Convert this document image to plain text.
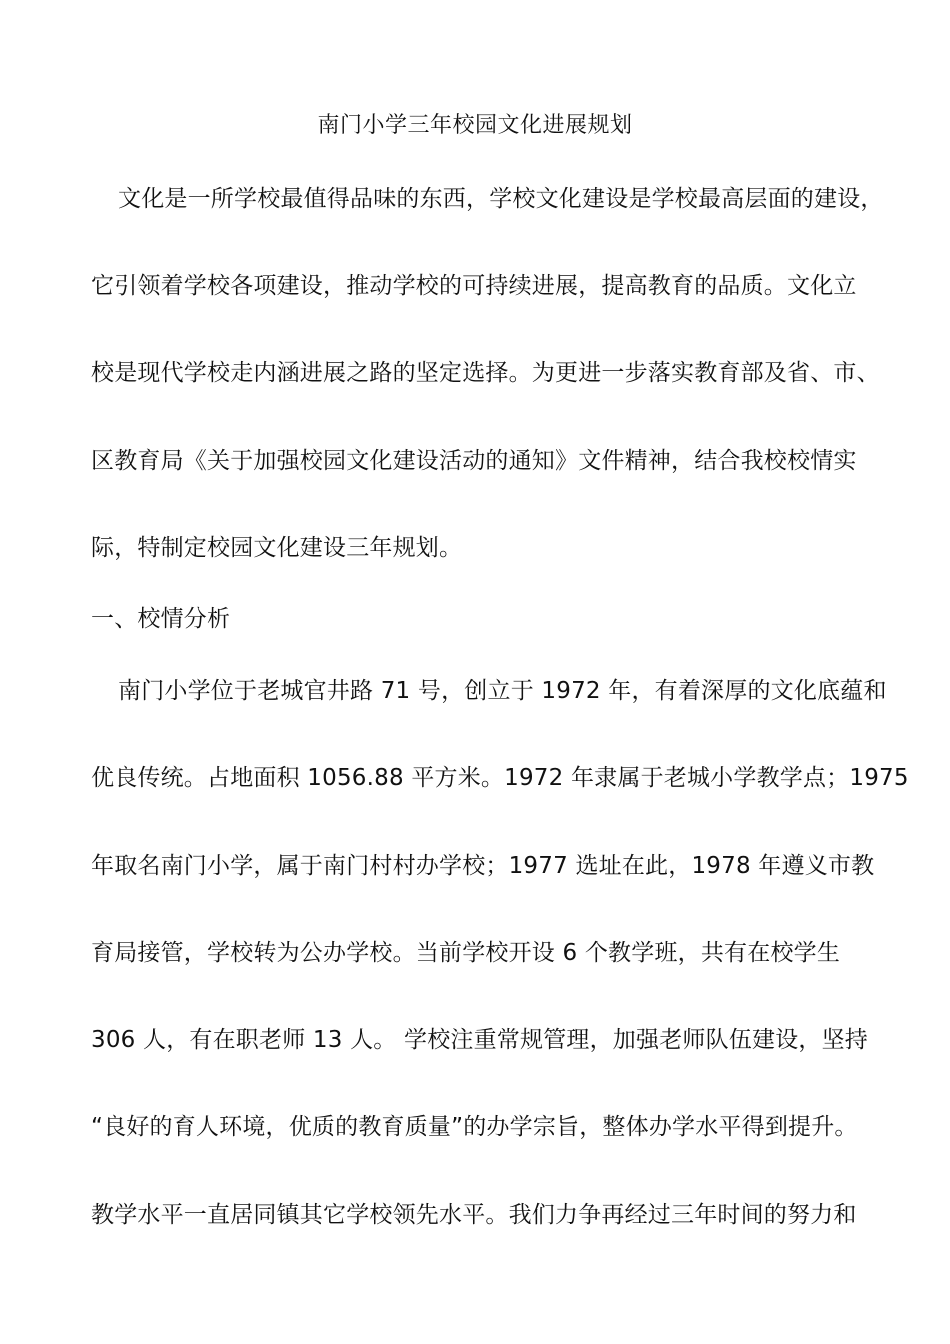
南门小学三年校园文化进展规划
文化是一所学校最值得品味的东西，学校文化建设是学校最高层面的建设，
它引领着学校各项建设，推动学校的可持续进展，提高教育的品质。文化立
校是现代学校走内涵进展之路的坚定选择。为更进一步落实教育部及省、市、
区教育局《关于加强校园文化建设活动的通知》文件精神，结合我校校情实
际，特制定校园文化建设三年规划。
一、校情分析
南门小学位于老城官井路 71 号，创立于 1972 年，有着深厚的文化底蕴和
优良传统。占地面积 1056.88 平方米。1972 年隶属于老城小学教学点；1975
年取名南门小学，属于南门村村办学校；1977 选址在此，1978 年遵义市教
育局接管，学校转为公办学校。当前学校开设 6 个教学班，共有在校学生
306 人，有在职老师 13 人。 学校注重常规管理，加强老师队伍建设，坚持
“良好的育人环境，优质的教育质量”的办学宗旨，整体办学水平得到提升。
教学水平一直居同镇其它学校领先水平。我们力争再经过三年时间的努力和
